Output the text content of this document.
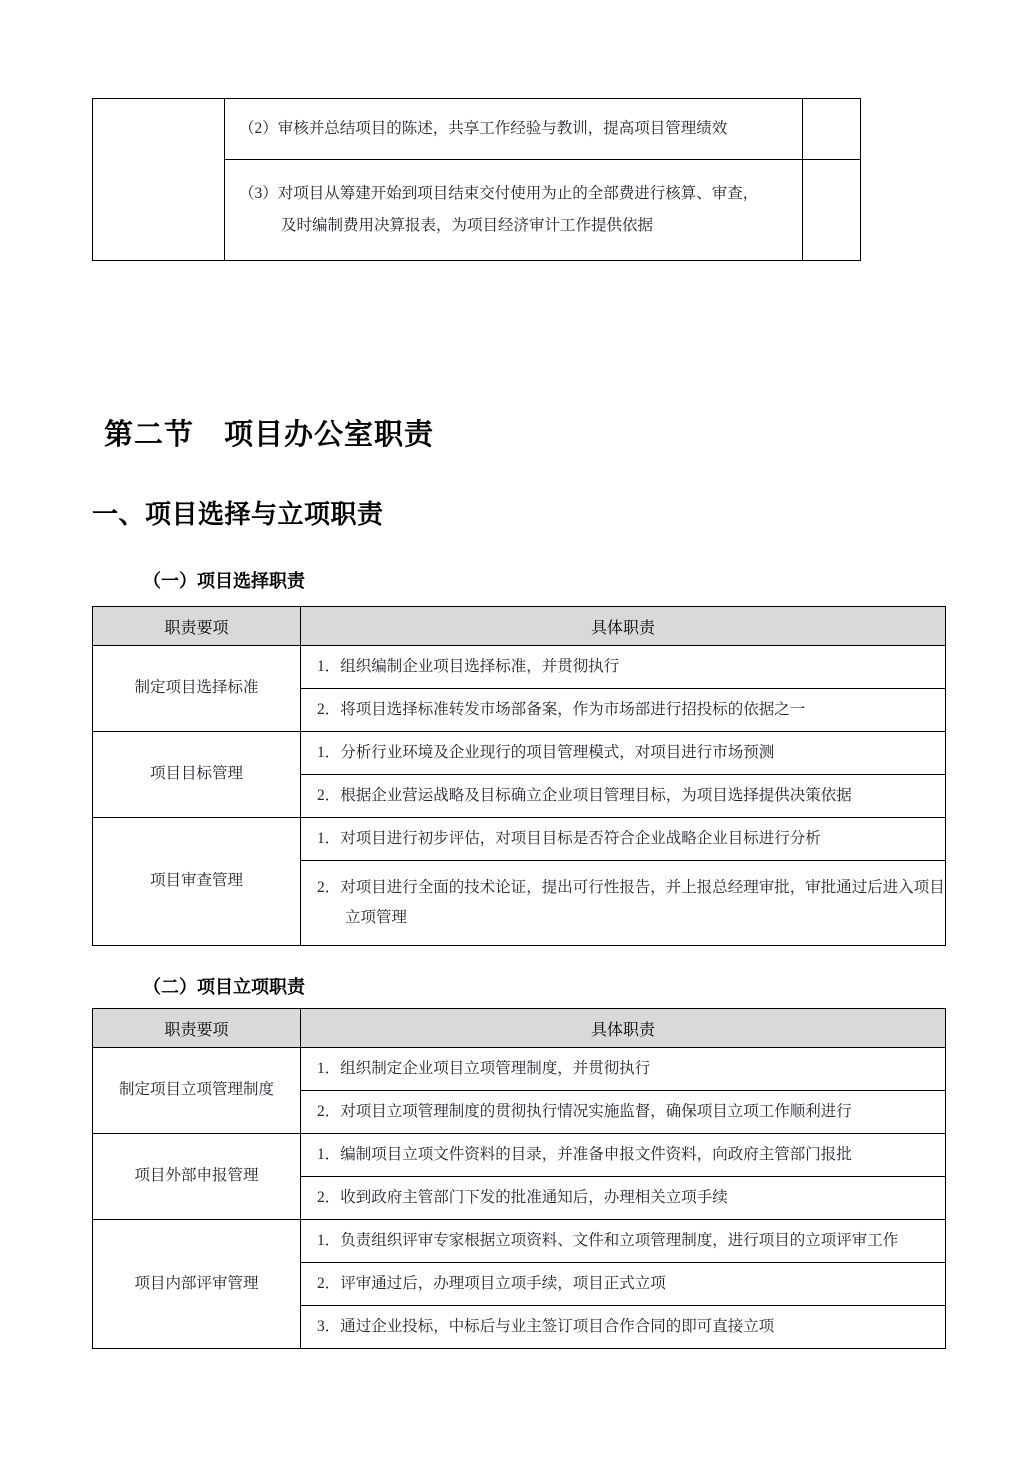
	（2）审核并总结项目的陈述，共享工作经验与教训，提高项目管理绩效	

	（3）对项目从筹建开始到项目结束交付使用为止的全部费进行核算、审查，
及时编制费用决算报表，为项目经济审计工作提供依据	

第二节 项目办公室职责
一、项目选择与立项职责
（一）项目选择职责
职责要项	具体职责
制定项目选择标准	1．组织编制企业项目选择标准，并贯彻执行

	2．将项目选择标准转发市场部备案，作为市场部进行招投标的依据之一

项目目标管理	1．分析行业环境及企业现行的项目管理模式，对项目进行市场预测

	2．根据企业营运战略及目标确立企业项目管理目标，为项目选择提供决策依据

项目审查管理	1．对项目进行初步评估，对项目目标是否符合企业战略企业目标进行分析

	2．对项目进行全面的技术论证，提出可行性报告，并上报总经理审批，审批通过后进入项目
立项管理
（二）项目立项职责
职责要项	具体职责
制定项目立项管理制度	1．组织制定企业项目立项管理制度，并贯彻执行

	2．对项目立项管理制度的贯彻执行情况实施监督，确保项目立项工作顺利进行

项目外部申报管理	1．编制项目立项文件资料的目录，并准备申报文件资料，向政府主管部门报批

	2．收到政府主管部门下发的批准通知后，办理相关立项手续

项目内部评审管理	1．负责组织评审专家根据立项资料、文件和立项管理制度，进行项目的立项评审工作

	2．评审通过后，办理项目立项手续，项目正式立项

	3．通过企业投标，中标后与业主签订项目合作合同的即可直接立项
